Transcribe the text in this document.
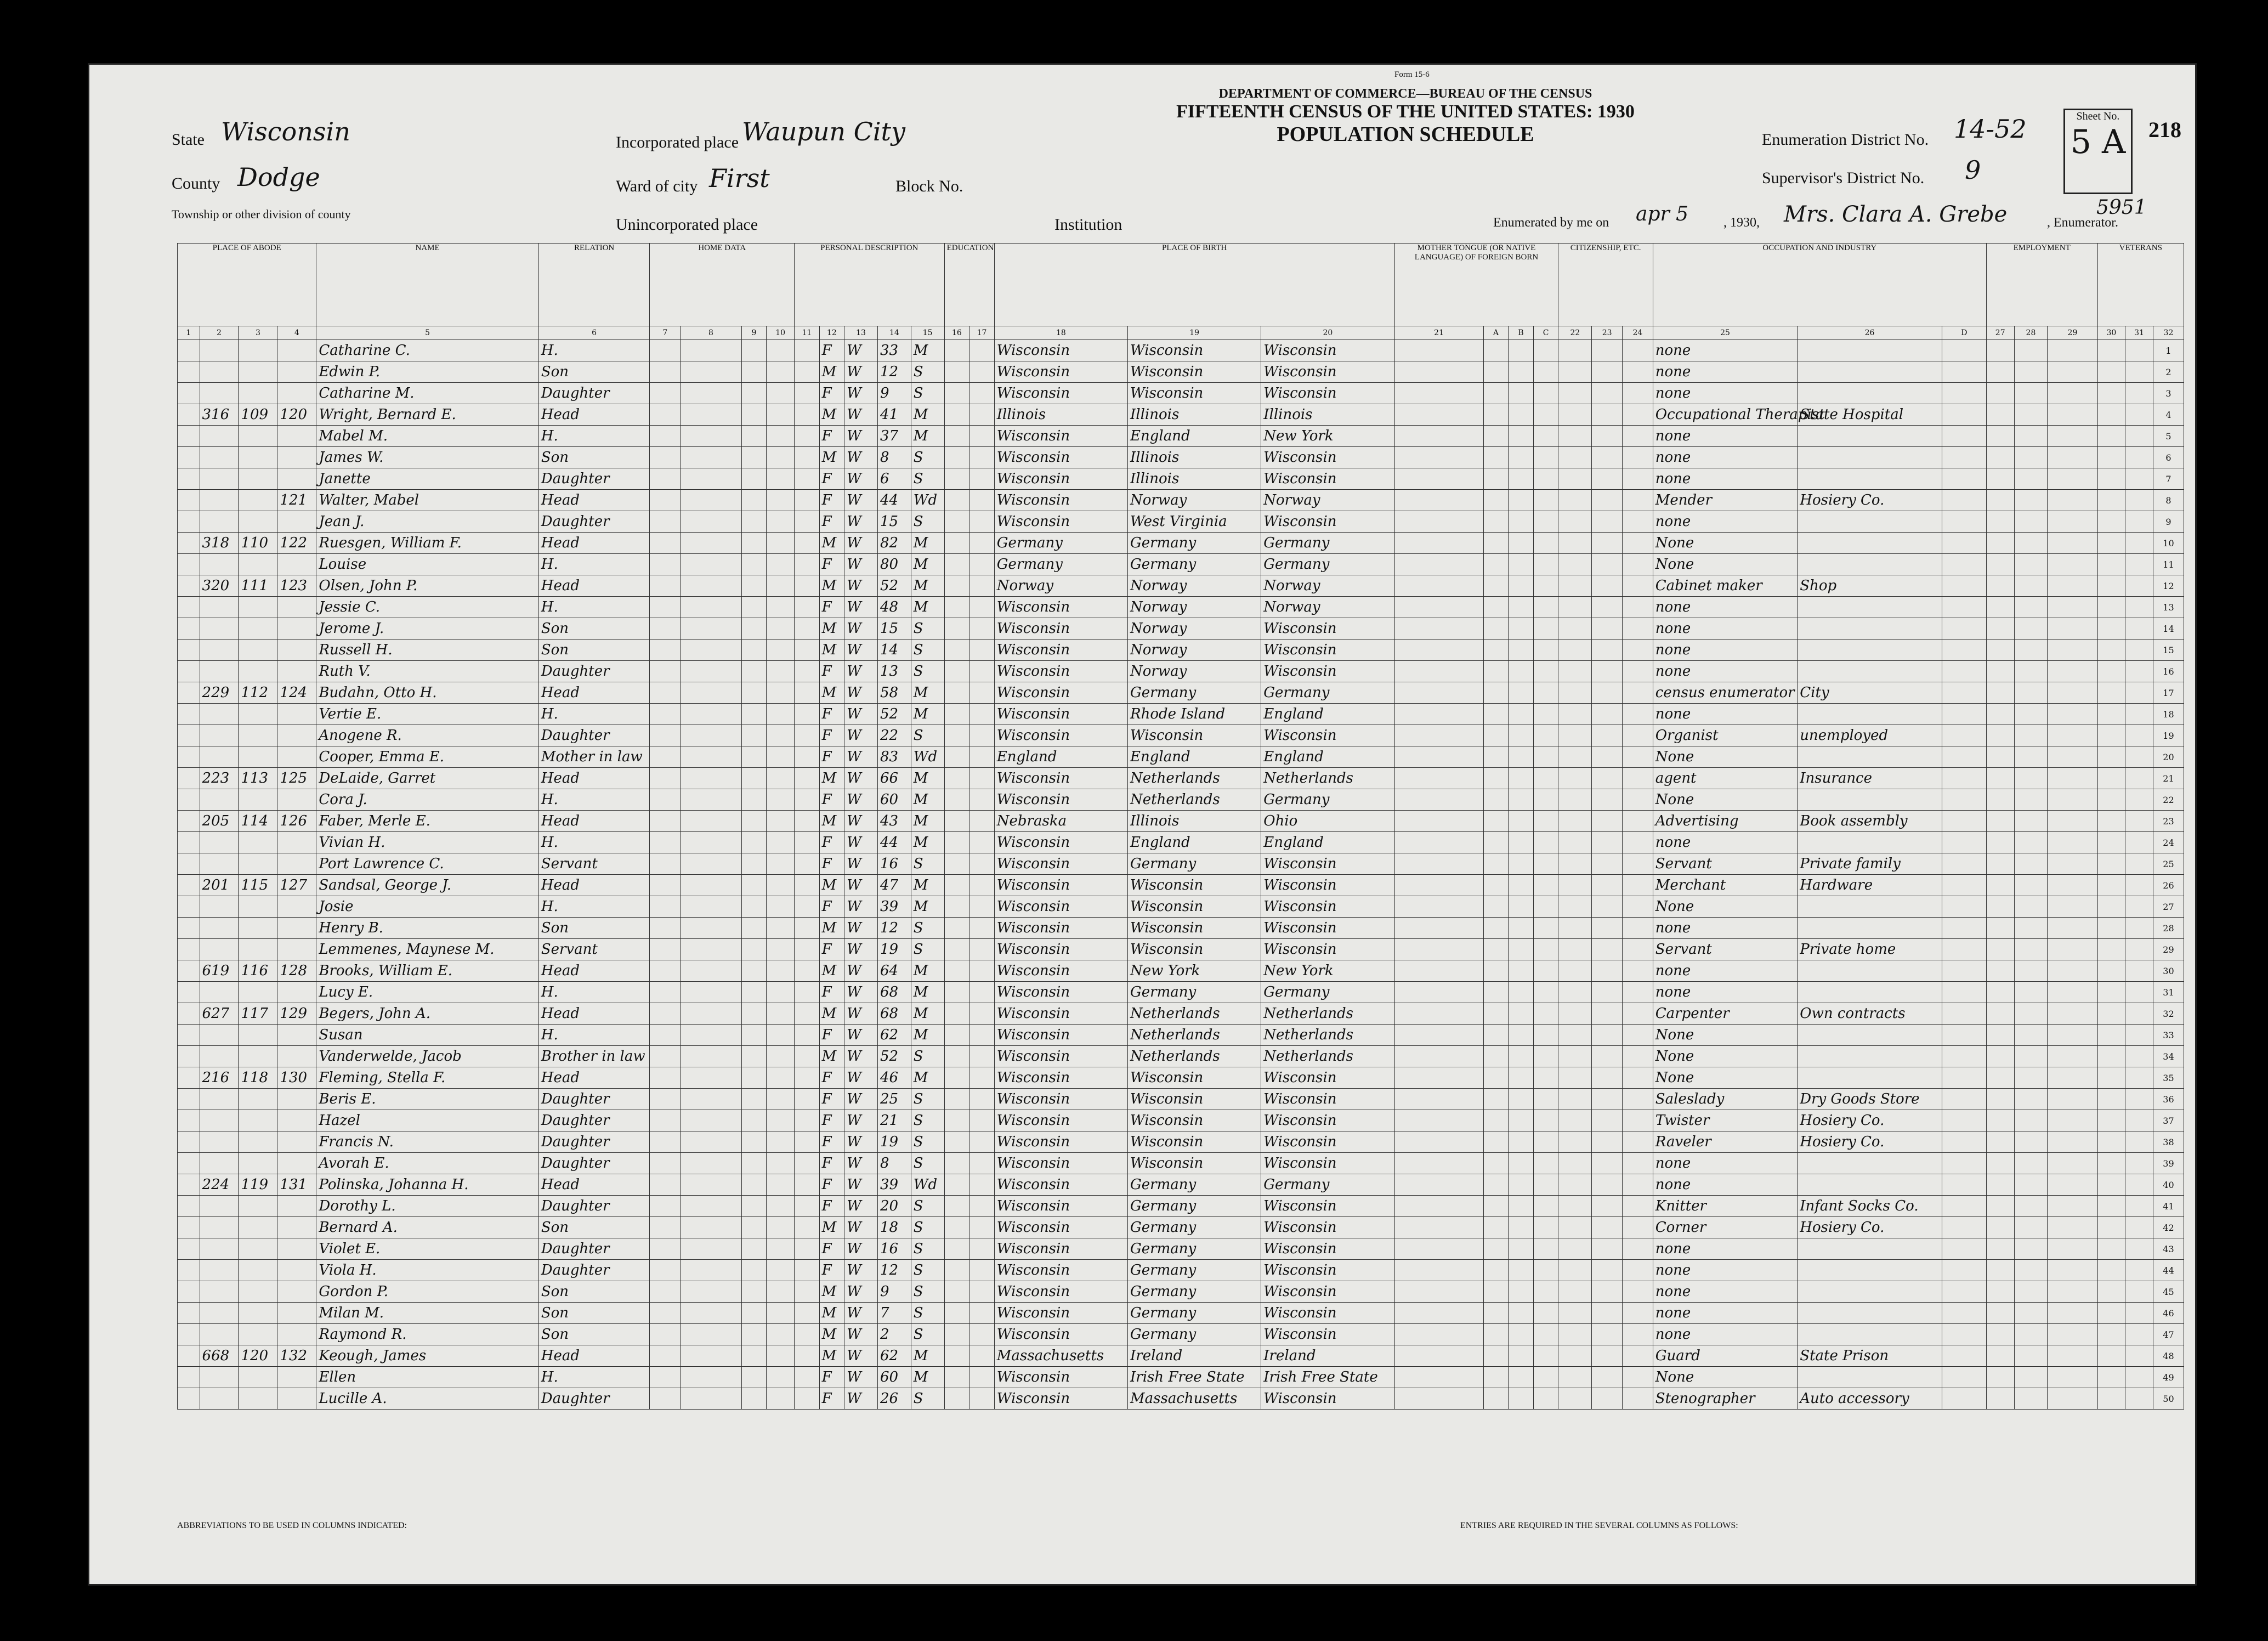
Form 15-6
DEPARTMENT OF COMMERCE—BUREAU OF THE CENSUS
FIFTEENTH CENSUS OF THE UNITED STATES: 1930
POPULATION SCHEDULE
State Wisconsin
County Dodge
Township or other division of county
Incorporated place Waupun City
Ward of city First	Block No.
Unincorporated place	Institution
Enumeration District No. 14-52
Supervisor's District No. 9
Sheet No.
5 A 218
5951
Enumerated by me on apr 5	, 1930, Mrs. Clara A. Grebe	, Enumerator.
PLACE OF ABODE				NAME	RELATION	HOME DATA				PERSONAL DESCRIPTION					EDUCATION		PLACE OF BIRTH			MOTHER TONGUE (OR NATIVE LANGUAGE) OF FOREIGN BORN				CITIZENSHIP, ETC.			OCCUPATION AND INDUSTRY			EMPLOYMENT			VETERANS		
1	2	3	4	5	6	7	8	9	10	11	12	13	14	15	16	17	18	19	20	21	A	B	C	22	23	24	25	26	D	27	28	29	30	31	32
				Catharine C.	H.						F	W	33	M			Wisconsin	Wisconsin	Wisconsin								none								1
				Edwin P.	Son						M	W	12	S			Wisconsin	Wisconsin	Wisconsin								none								2
				Catharine M.	Daughter						F	W	9	S			Wisconsin	Wisconsin	Wisconsin								none								3
	316	109	120	Wright, Bernard E.	Head						M	W	41	M			Illinois	Illinois	Illinois								Occupational Therapist	State Hospital							4
				Mabel M.	H.						F	W	37	M			Wisconsin	England	New York								none								5
				James W.	Son						M	W	8	S			Wisconsin	Illinois	Wisconsin								none								6
				Janette	Daughter						F	W	6	S			Wisconsin	Illinois	Wisconsin								none								7
			121	Walter, Mabel	Head						F	W	44	Wd			Wisconsin	Norway	Norway								Mender	Hosiery Co.							8
				Jean J.	Daughter						F	W	15	S			Wisconsin	West Virginia	Wisconsin								none								9
	318	110	122	Ruesgen, William F.	Head						M	W	82	M			Germany	Germany	Germany								None								10
				Louise	H.						F	W	80	M			Germany	Germany	Germany								None								11
	320	111	123	Olsen, John P.	Head						M	W	52	M			Norway	Norway	Norway								Cabinet maker	Shop							12
				Jessie C.	H.						F	W	48	M			Wisconsin	Norway	Norway								none								13
				Jerome J.	Son						M	W	15	S			Wisconsin	Norway	Wisconsin								none								14
				Russell H.	Son						M	W	14	S			Wisconsin	Norway	Wisconsin								none								15
				Ruth V.	Daughter						F	W	13	S			Wisconsin	Norway	Wisconsin								none								16
	229	112	124	Budahn, Otto H.	Head						M	W	58	M			Wisconsin	Germany	Germany								census enumerator	City							17
				Vertie E.	H.						F	W	52	M			Wisconsin	Rhode Island	England								none								18
				Anogene R.	Daughter						F	W	22	S			Wisconsin	Wisconsin	Wisconsin								Organist	unemployed							19
				Cooper, Emma E.	Mother in law						F	W	83	Wd			England	England	England								None								20
	223	113	125	DeLaide, Garret	Head						M	W	66	M			Wisconsin	Netherlands	Netherlands								agent	Insurance							21
				Cora J.	H.						F	W	60	M			Wisconsin	Netherlands	Germany								None								22
	205	114	126	Faber, Merle E.	Head						M	W	43	M			Nebraska	Illinois	Ohio								Advertising	Book assembly							23
				Vivian H.	H.						F	W	44	M			Wisconsin	England	England								none								24
				Port Lawrence C.	Servant						F	W	16	S			Wisconsin	Germany	Wisconsin								Servant	Private family							25
	201	115	127	Sandsal, George J.	Head						M	W	47	M			Wisconsin	Wisconsin	Wisconsin								Merchant	Hardware							26
				Josie	H.						F	W	39	M			Wisconsin	Wisconsin	Wisconsin								None								27
				Henry B.	Son						M	W	12	S			Wisconsin	Wisconsin	Wisconsin								none								28
				Lemmenes, Maynese M.	Servant						F	W	19	S			Wisconsin	Wisconsin	Wisconsin								Servant	Private home							29
	619	116	128	Brooks, William E.	Head						M	W	64	M			Wisconsin	New York	New York								none								30
				Lucy E.	H.						F	W	68	M			Wisconsin	Germany	Germany								none								31
	627	117	129	Begers, John A.	Head						M	W	68	M			Wisconsin	Netherlands	Netherlands								Carpenter	Own contracts							32
				Susan	H.						F	W	62	M			Wisconsin	Netherlands	Netherlands								None								33
				Vanderwelde, Jacob	Brother in law						M	W	52	S			Wisconsin	Netherlands	Netherlands								None								34
	216	118	130	Fleming, Stella F.	Head						F	W	46	M			Wisconsin	Wisconsin	Wisconsin								None								35
				Beris E.	Daughter						F	W	25	S			Wisconsin	Wisconsin	Wisconsin								Saleslady	Dry Goods Store							36
				Hazel	Daughter						F	W	21	S			Wisconsin	Wisconsin	Wisconsin								Twister	Hosiery Co.							37
				Francis N.	Daughter						F	W	19	S			Wisconsin	Wisconsin	Wisconsin								Raveler	Hosiery Co.							38
				Avorah E.	Daughter						F	W	8	S			Wisconsin	Wisconsin	Wisconsin								none								39
	224	119	131	Polinska, Johanna H.	Head						F	W	39	Wd			Wisconsin	Germany	Germany								none								40
				Dorothy L.	Daughter						F	W	20	S			Wisconsin	Germany	Wisconsin								Knitter	Infant Socks Co.							41
				Bernard A.	Son						M	W	18	S			Wisconsin	Germany	Wisconsin								Corner	Hosiery Co.							42
				Violet E.	Daughter						F	W	16	S			Wisconsin	Germany	Wisconsin								none								43
				Viola H.	Daughter						F	W	12	S			Wisconsin	Germany	Wisconsin								none								44
				Gordon P.	Son						M	W	9	S			Wisconsin	Germany	Wisconsin								none								45
				Milan M.	Son						M	W	7	S			Wisconsin	Germany	Wisconsin								none								46
				Raymond R.	Son						M	W	2	S			Wisconsin	Germany	Wisconsin								none								47
	668	120	132	Keough, James	Head						M	W	62	M			Massachusetts	Ireland	Ireland								Guard	State Prison							48
				Ellen	H.						F	W	60	M			Wisconsin	Irish Free State	Irish Free State								None								49
				Lucille A.	Daughter						F	W	26	S			Wisconsin	Massachusetts	Wisconsin								Stenographer	Auto accessory							50
ABBREVIATIONS TO BE USED IN COLUMNS INDICATED:	ENTRIES ARE REQUIRED IN THE SEVERAL COLUMNS AS FOLLOWS:
